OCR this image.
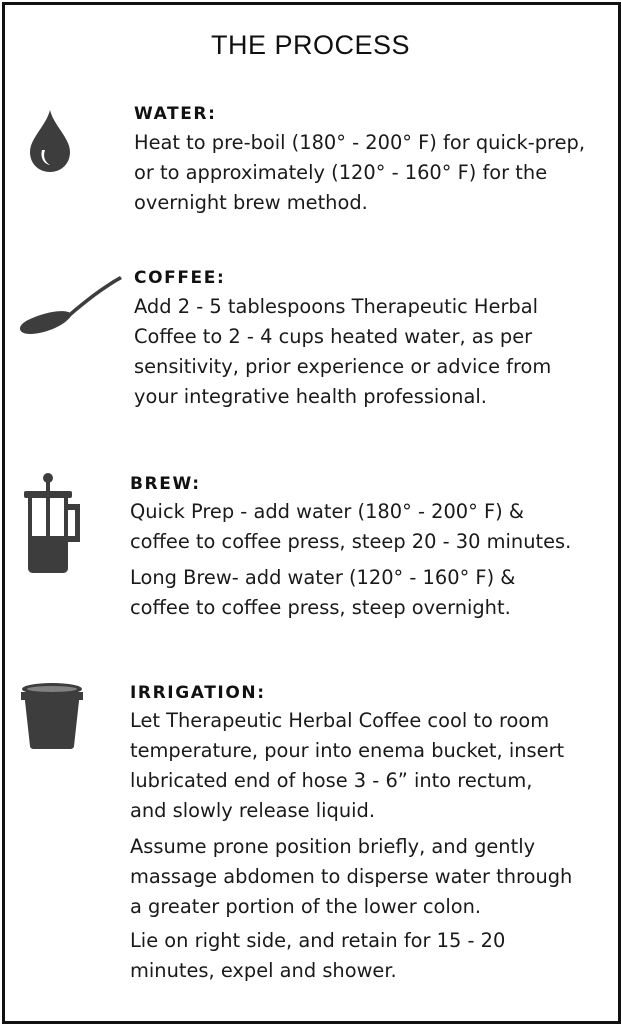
THE PROCESS
WATER:

Heat to pre-boil (180° - 200° F) for quick-prep,
or to approximately (120° - 160° F) for the
overnight brew method.

COFFEE:

Add 2 - 5 tablespoons Therapeutic Herbal
Coffee to 2 - 4 cups heated water, as per
sensitivity, prior experience or advice from
your integrative health professional.

BREW:

Quick Prep - add water (180° - 200° F) &
coffee to coffee press, steep 20 - 30 minutes.

Long Brew- add water (120° - 160° F) &
coffee to coffee press, steep overnight.

IRRIGATION:

Let Therapeutic Herbal Coffee cool to room
temperature, pour into enema bucket, insert
lubricated end of hose 3 - 6” into rectum,
and slowly release liquid.

Assume prone position briefly, and gently
massage abdomen to disperse water through
a greater portion of the lower colon.

Lie on right side, and retain for 15 - 20
minutes, expel and shower.
